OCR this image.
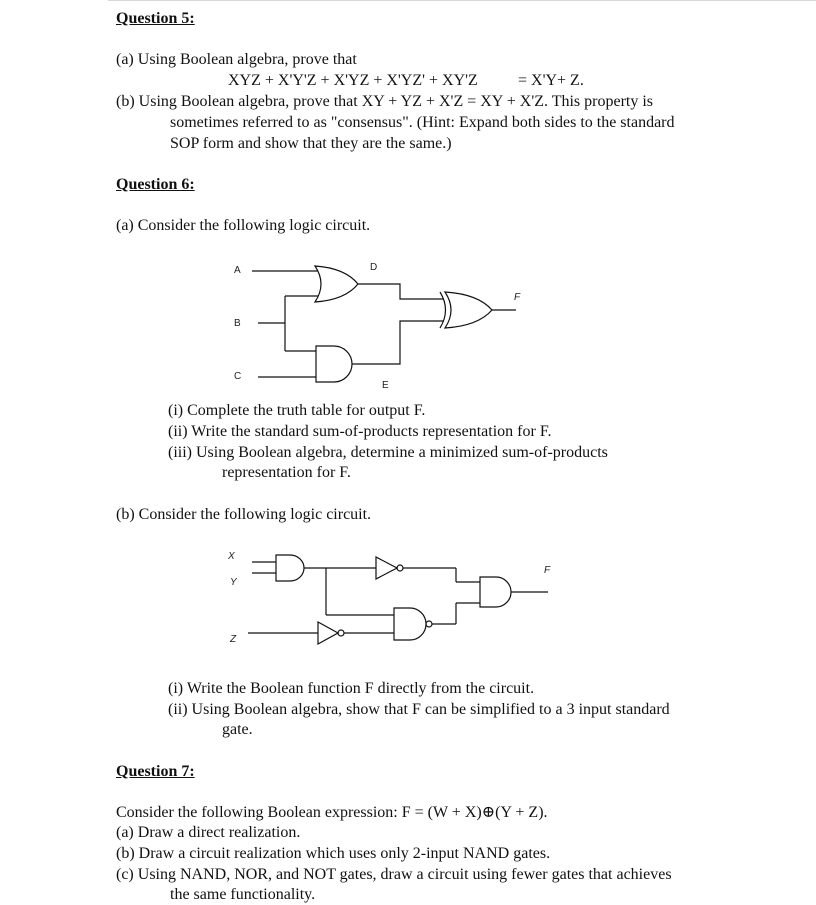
Question 5:
(a) Using Boolean algebra, prove that
XYZ + X'Y'Z + X'YZ + X'YZ' + XY'Z	= X'Y+ Z.
(b) Using Boolean algebra, prove that XY + YZ + X'Z = XY + X'Z. This property is
sometimes referred to as "consensus". (Hint: Expand both sides to the standard
SOP form and show that they are the same.)
Question 6:
(a) Consider the following logic circuit.
A
B
C
D
E
F
(i) Complete the truth table for output F.
(ii) Write the standard sum-of-products representation for F.
(iii) Using Boolean algebra, determine a minimized sum-of-products
representation for F.
(b) Consider the following logic circuit.
X
Y
Z
F
(i) Write the Boolean function F directly from the circuit.
(ii) Using Boolean algebra, show that F can be simplified to a 3 input standard
gate.
Question 7:
Consider the following Boolean expression: F = (W + X)⊕(Y + Z).
(a) Draw a direct realization.
(b) Draw a circuit realization which uses only 2-input NAND gates.
(c) Using NAND, NOR, and NOT gates, draw a circuit using fewer gates that achieves
the same functionality.
